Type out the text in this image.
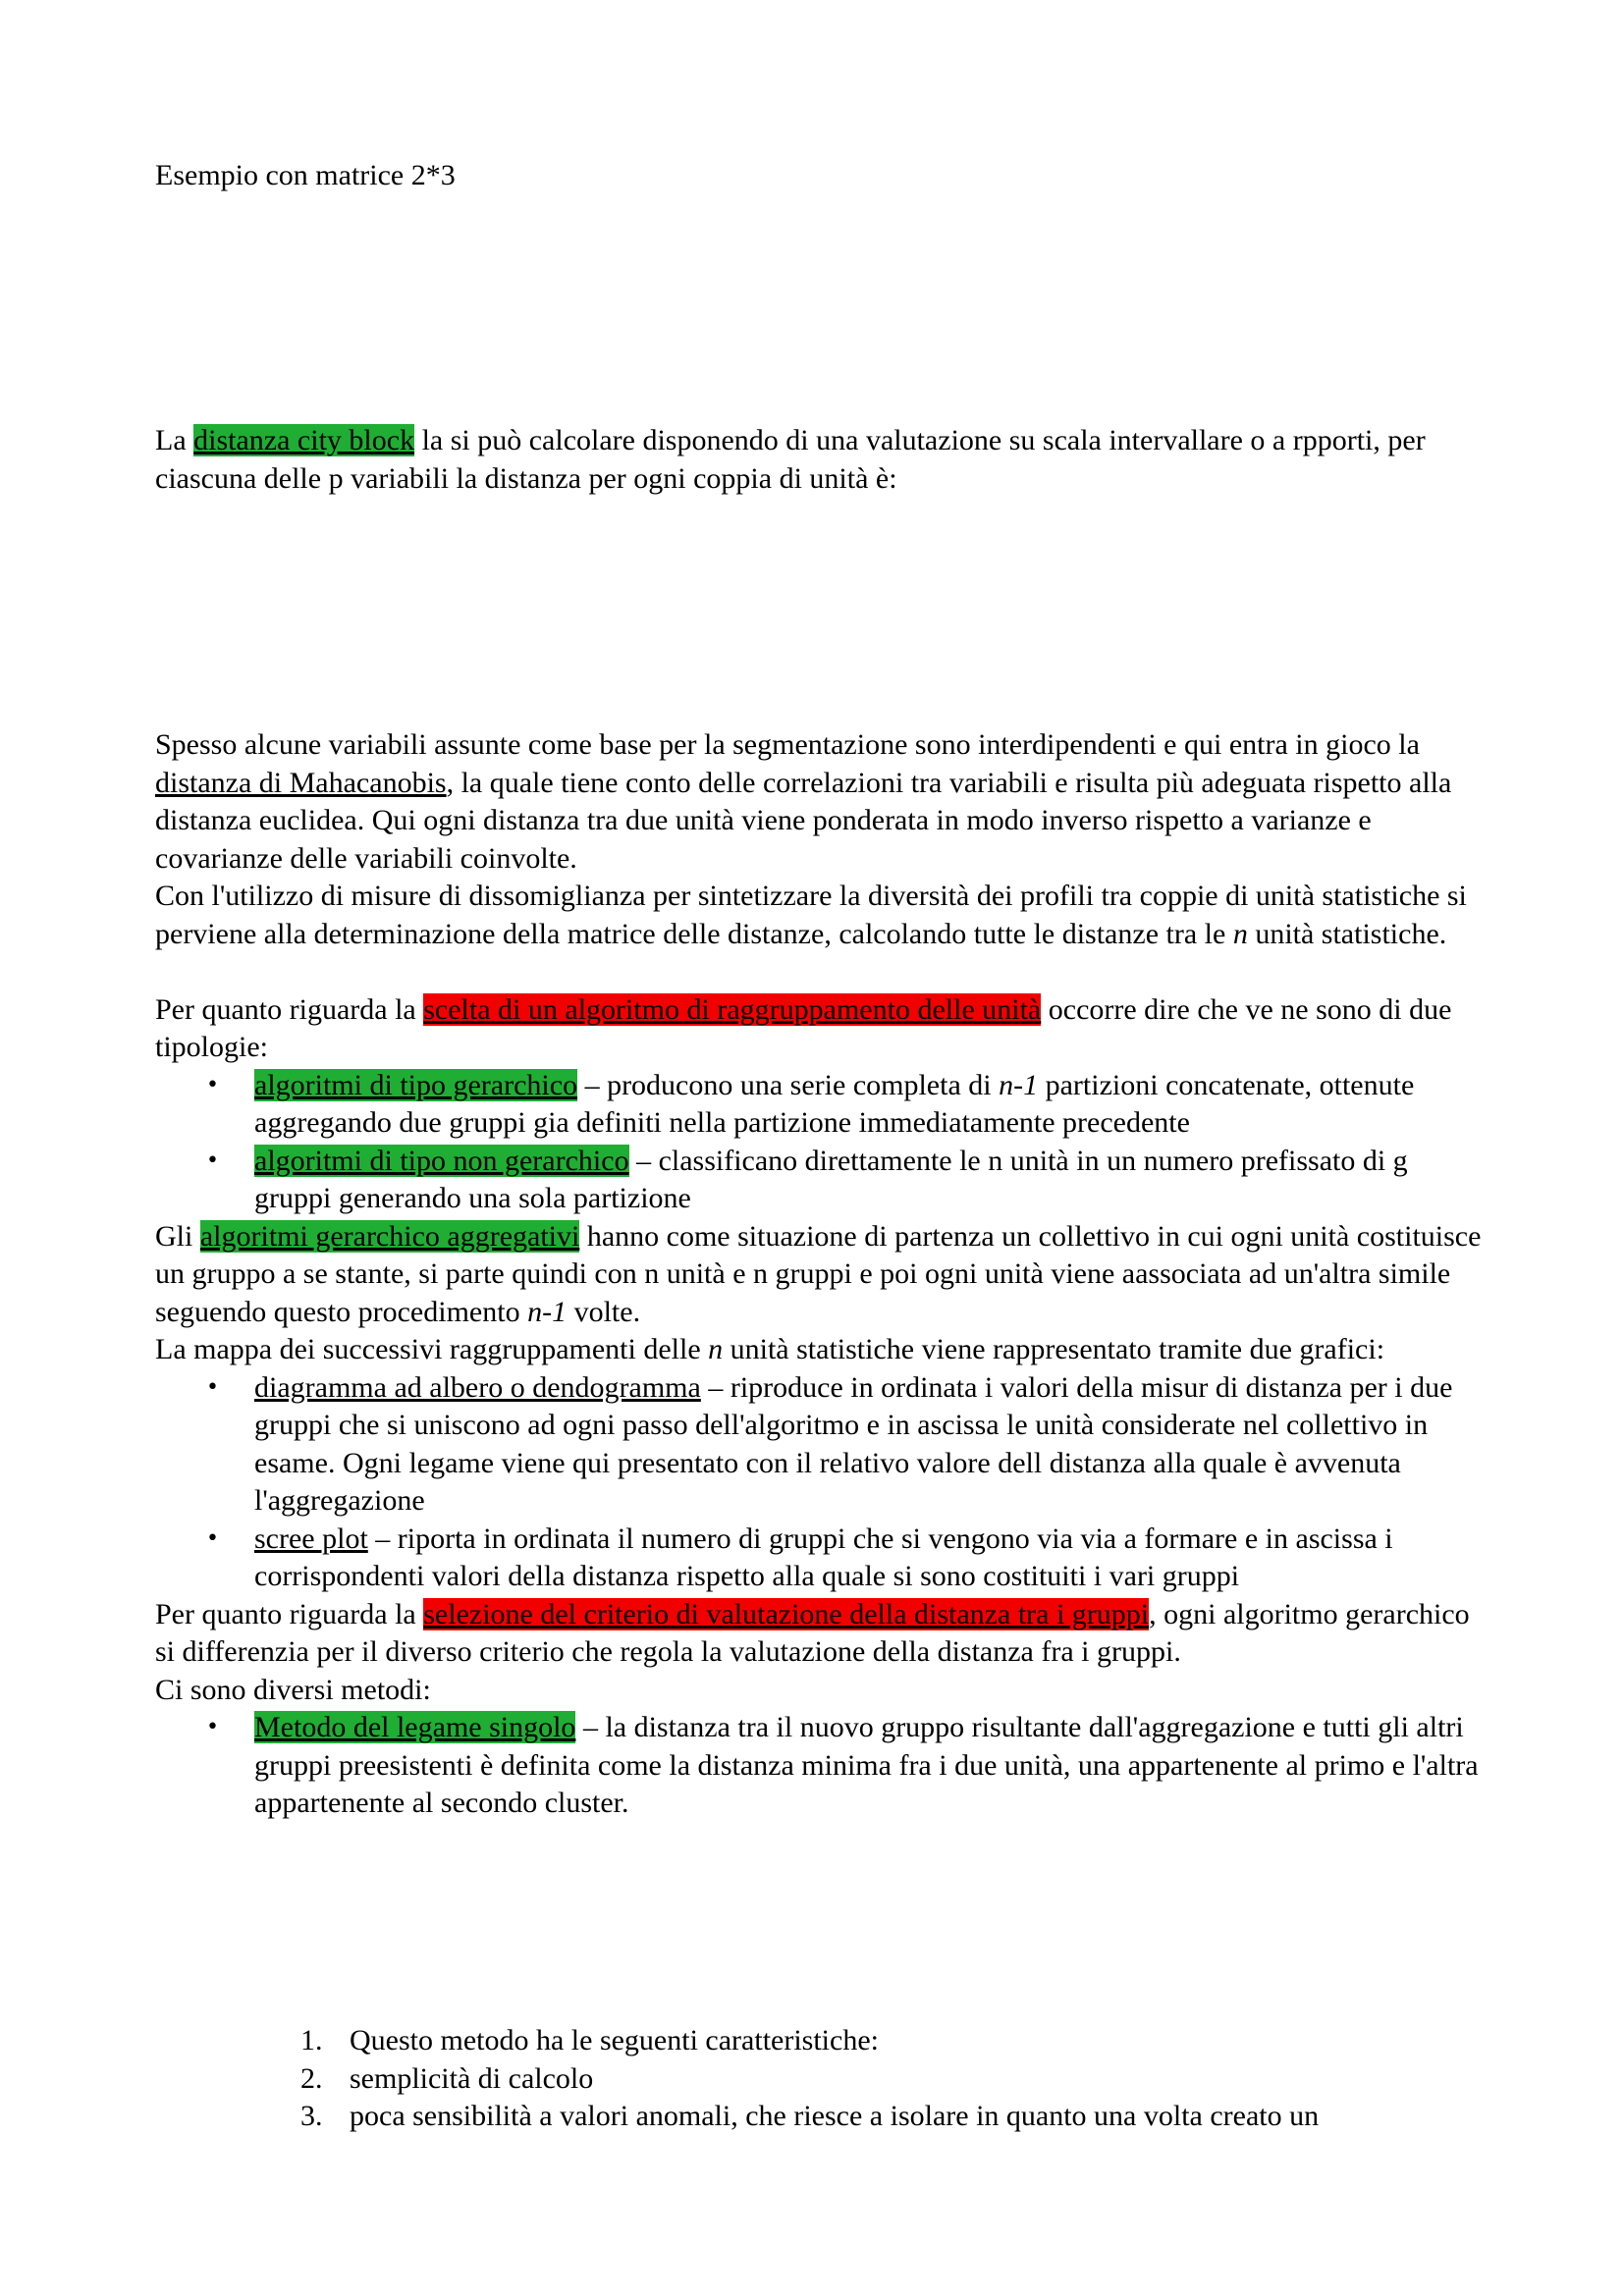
Esempio con matrice 2*3

La distanza city block la si può calcolare disponendo di una valutazione su scala intervallare o a rpporti, per ciascuna delle p variabili la distanza per ogni coppia di unità è:

Spesso alcune variabili assunte come base per la segmentazione sono interdipendenti e qui entra in gioco la distanza di Mahacanobis, la quale tiene conto delle correlazioni tra variabili e risulta più adeguata rispetto alla distanza euclidea. Qui ogni distanza tra due unità viene ponderata in modo inverso rispetto a varianze e covarianze delle variabili coinvolte.

Con l'utilizzo di misure di dissomiglianza per sintetizzare la diversità dei profili tra coppie di unità statistiche si perviene alla determinazione della matrice delle distanze, calcolando tutte le distanze tra le n unità statistiche.

Per quanto riguarda la scelta di un algoritmo di raggruppamento delle unità occorre dire che ve ne sono di due tipologie:

• algoritmi di tipo gerarchico – producono una serie completa di n-1 partizioni concatenate, ottenute aggregando due gruppi gia definiti nella partizione immediatamente precedente
• algoritmi di tipo non gerarchico – classificano direttamente le n unità in un numero prefissato di g gruppi generando una sola partizione

Gli algoritmi gerarchico aggregativi hanno come situazione di partenza un collettivo in cui ogni unità costituisce un gruppo a se stante, si parte quindi con n unità e n gruppi e poi ogni unità viene aassociata ad un'altra simile seguendo questo procedimento n-1 volte.

La mappa dei successivi raggruppamenti delle n unità statistiche viene rappresentato tramite due grafici:

• diagramma ad albero o dendogramma – riproduce in ordinata i valori della misur di distanza per i due gruppi che si uniscono ad ogni passo dell'algoritmo e in ascissa le unità considerate nel collettivo in esame. Ogni legame viene qui presentato con il relativo valore dell distanza alla quale è avvenuta l'aggregazione
• scree plot – riporta in ordinata il numero di gruppi che si vengono via via a formare e in ascissa i corrispondenti valori della distanza rispetto alla quale si sono costituiti i vari gruppi

Per quanto riguarda la selezione del criterio di valutazione della distanza tra i gruppi, ogni algoritmo gerarchico si differenzia per il diverso criterio che regola la valutazione della distanza fra i gruppi.

Ci sono diversi metodi:

• Metodo del legame singolo – la distanza tra il nuovo gruppo risultante dall'aggregazione e tutti gli altri gruppi preesistenti è definita come la distanza minima fra i due unità, una appartenente al primo e l'altra appartenente al secondo cluster.
1. Questo metodo ha le seguenti caratteristiche:
2. semplicità di calcolo
3. poca sensibilità a valori anomali, che riesce a isolare in quanto una volta creato un
